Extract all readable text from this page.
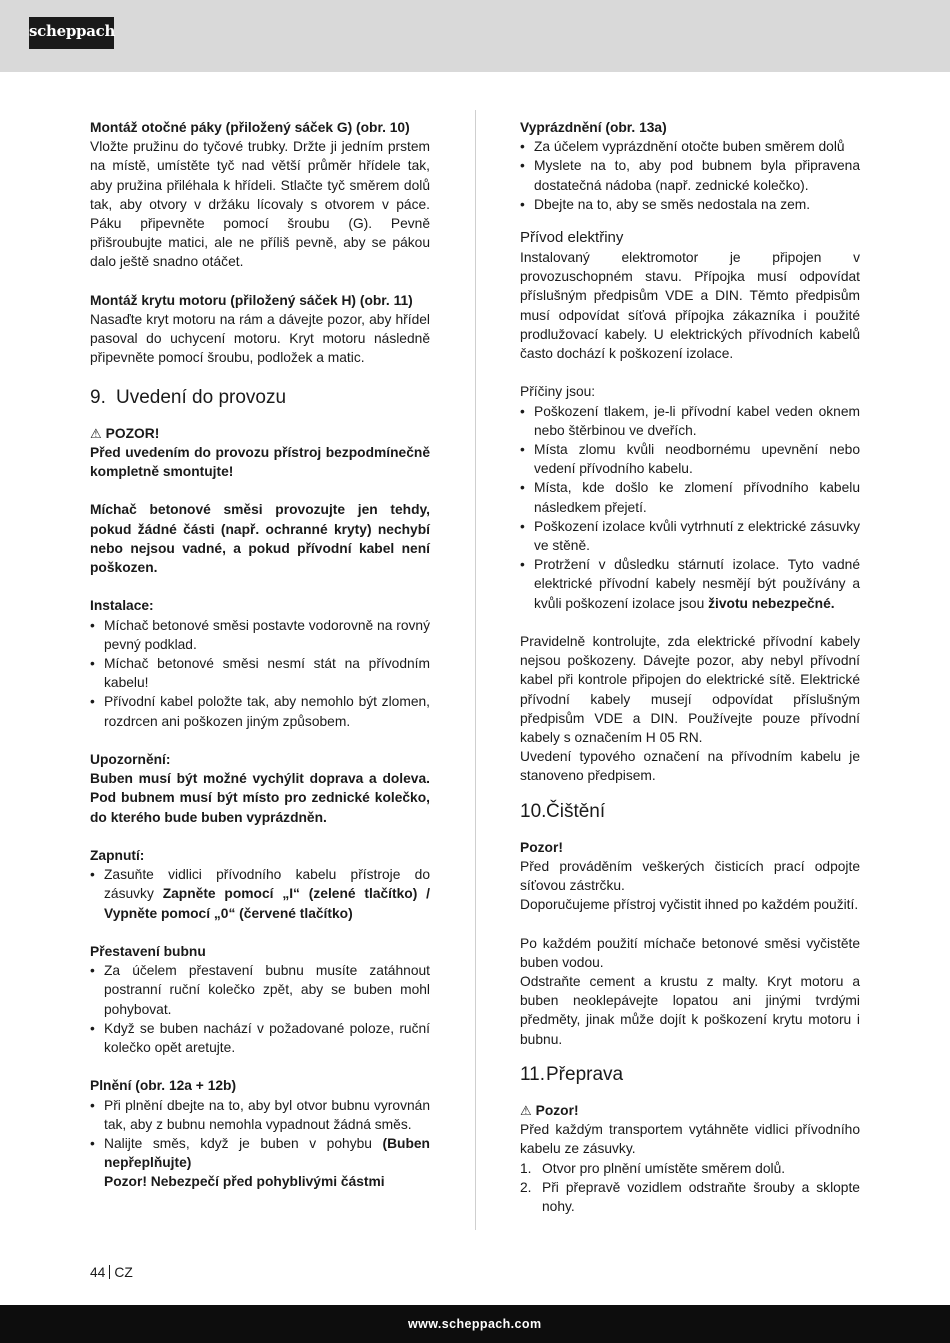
scheppach

Montáž otočné páky (přiložený sáček G) (obr. 10)

Vložte pružinu do tyčové trubky. Držte ji jedním prstem na místě, umístěte tyč nad větší průměr hřídele tak, aby pružina přiléhala k hřídeli. Stlačte tyč směrem dolů tak, aby otvory v držáku lícovaly s otvorem v páce. Páku připevněte pomocí šroubu (G). Pevně přišroubujte matici, ale ne příliš pevně, aby se pákou dalo ještě snadno otáčet.

Montáž krytu motoru (přiložený sáček H) (obr. 11)

Nasaďte kryt motoru na rám a dávejte pozor, aby hřídel pasoval do uchycení motoru. Kryt motoru následně připevněte pomocí šroubu, podložek a matic.

9. Uvedení do provozu

⚠ POZOR!

Před uvedením do provozu přístroj bezpodmínečně kompletně smontujte!

Míchač betonové směsi provozujte jen tehdy, pokud žádné části (např. ochranné kryty) nechybí nebo nejsou vadné, a pokud přívodní kabel není poškozen.

Instalace:

• Míchač betonové směsi postavte vodorovně na rovný pevný podklad.
• Míchač betonové směsi nesmí stát na přívodním kabelu!
• Přívodní kabel položte tak, aby nemohlo být zlomen, rozdrcen ani poškozen jiným způsobem.

Upozornění:

Buben musí být možné vychýlit doprava a doleva. Pod bubnem musí být místo pro zednické kolečko, do kterého bude buben vyprázdněn.

Zapnutí:

• Zasuňte vidlici přívodního kabelu přístroje do zásuvky Zapněte pomocí „I“ (zelené tlačítko) / Vypněte pomocí „0“ (červené tlačítko)

Přestavení bubnu

• Za účelem přestavení bubnu musíte zatáhnout postranní ruční kolečko zpět, aby se buben mohl pohybovat.
• Když se buben nachází v požadované poloze, ruční kolečko opět aretujte.

Plnění (obr. 12a + 12b)

• Při plnění dbejte na to, aby byl otvor bubnu vyrovnán tak, aby z bubnu nemohla vypadnout žádná směs.
• Nalijte směs, když je buben v pohybu (Buben nepřeplňujte)
Pozor! Nebezpečí před pohyblivými částmi

Vyprázdnění (obr. 13a)

• Za účelem vyprázdnění otočte buben směrem dolů
• Myslete na to, aby pod bubnem byla připravena dostatečná nádoba (např. zednické kolečko).
• Dbejte na to, aby se směs nedostala na zem.
Přívod elektřiny

Instalovaný elektromotor je připojen v provozuschopném stavu. Přípojka musí odpovídat příslušným předpisům VDE a DIN. Těmto předpisům musí odpovídat síťová přípojka zákazníka i použité prodlužovací kabely. U elektrických přívodních kabelů často dochází k poškození izolace.

Příčiny jsou:

• Poškození tlakem, je-li přívodní kabel veden oknem nebo štěrbinou ve dveřích.
• Místa zlomu kvůli neodbornému upevnění nebo vedení přívodního kabelu.
• Místa, kde došlo ke zlomení přívodního kabelu následkem přejetí.
• Poškození izolace kvůli vytrhnutí z elektrické zásuvky ve stěně.
• Protržení v důsledku stárnutí izolace. Tyto vadné elektrické přívodní kabely nesmějí být používány a kvůli poškození izolace jsou životu nebezpečné.

Pravidelně kontrolujte, zda elektrické přívodní kabely nejsou poškozeny. Dávejte pozor, aby nebyl přívodní kabel při kontrole připojen do elektrické sítě. Elektrické přívodní kabely musejí odpovídat příslušným předpisům VDE a DIN. Používejte pouze přívodní kabely s označením H 05 RN.

Uvedení typového označení na přívodním kabelu je stanoveno předpisem.

10.Čištění

Pozor!

Před prováděním veškerých čisticích prací odpojte síťovou zástrčku.

Doporučujeme přístroj vyčistit ihned po každém použití.

Po každém použití míchače betonové směsi vyčistěte buben vodou.

Odstraňte cement a krustu z malty. Kryt motoru a buben neoklepávejte lopatou ani jinými tvrdými předměty, jinak může dojít k poškození krytu motoru i bubnu.

11.Přeprava

⚠ Pozor!

Před každým transportem vytáhněte vidlici přívodního kabelu ze zásuvky.

1. Otvor pro plnění umístěte směrem dolů.
2. Při přepravě vozidlem odstraňte šrouby a sklopte nohy.
44 CZ
www.scheppach.com
